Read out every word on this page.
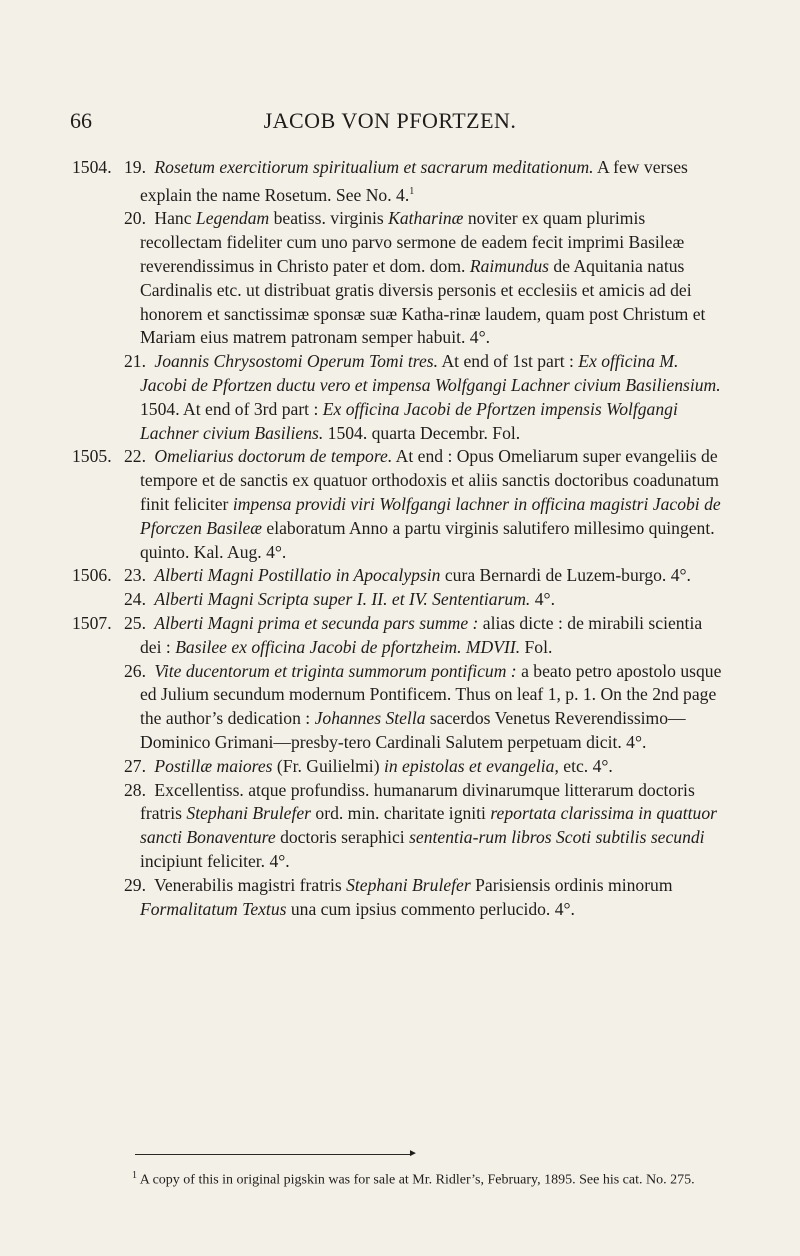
66	JACOB VON PFORTZEN.

1504. 19. Rosetum exercitiorum spiritualium et sacrarum meditationum. A few verses explain the name Rosetum. See No. 4.$^1$

20. Hanc Legendam beatiss. virginis Katharinæ noviter ex quam plurimis recollectam fideliter cum uno parvo sermone de eadem fecit imprimi Basileæ reverendissimus in Christo pater et dom. dom. Raimundus de Aquitania natus Cardinalis etc. ut distribuat gratis diversis personis et ecclesiis et amicis ad dei honorem et sanctissimæ sponsæ suæ Katha-rinæ laudem, quam post Christum et Mariam eius matrem patronam semper habuit. 4°.

21. Joannis Chrysostomi Operum Tomi tres. At end of 1st part : Ex officina M. Jacobi de Pfortzen ductu vero et impensa Wolfgangi Lachner civium Basiliensium. 1504. At end of 3rd part : Ex officina Jacobi de Pfortzen impensis Wolfgangi Lachner civium Basiliens. 1504. quarta Decembr. Fol.

1505. 22. Omeliarius doctorum de tempore. At end : Opus Omeliarum super evangeliis de tempore et de sanctis ex quatuor orthodoxis et aliis sanctis doctoribus coadunatum finit feliciter impensa providi viri Wolfgangi lachner in officina magistri Jacobi de Pforczen Basileæ elaboratum Anno a partu virginis salutifero millesimo quingent. quinto. Kal. Aug. 4°.

1506. 23. Alberti Magni Postillatio in Apocalypsin cura Bernardi de Luzem-burgo. 4°.

24. Alberti Magni Scripta super I. II. et IV. Sententiarum. 4°.

1507. 25. Alberti Magni prima et secunda pars summe : alias dicte : de mirabili scientia dei : Basilee ex officina Jacobi de pfortzheim. MDVII. Fol.

26. Vite ducentorum et triginta summorum pontificum : a beato petro apostolo usque ed Julium secundum modernum Pontificem. Thus on leaf 1, p. 1. On the 2nd page the author’s dedication : Johannes Stella sacerdos Venetus Reverendissimo—Dominico Grimani—presby-tero Cardinali Salutem perpetuam dicit. 4°.

27. Postillæ maiores (Fr. Guilielmi) in epistolas et evangelia, etc. 4°.

28. Excellentiss. atque profundiss. humanarum divinarumque litterarum doctoris fratris Stephani Brulefer ord. min. charitate igniti reportata clarissima in quattuor sancti Bonaventure doctoris seraphici sententia-rum libros Scoti subtilis secundi incipiunt feliciter. 4°.

29. Venerabilis magistri fratris Stephani Brulefer Parisiensis ordinis minorum Formalitatum Textus una cum ipsius commento perlucido. 4°.

►

$^1$ A copy of this in original pigskin was for sale at Mr. Ridler’s, February, 1895. See his cat. No. 275.
